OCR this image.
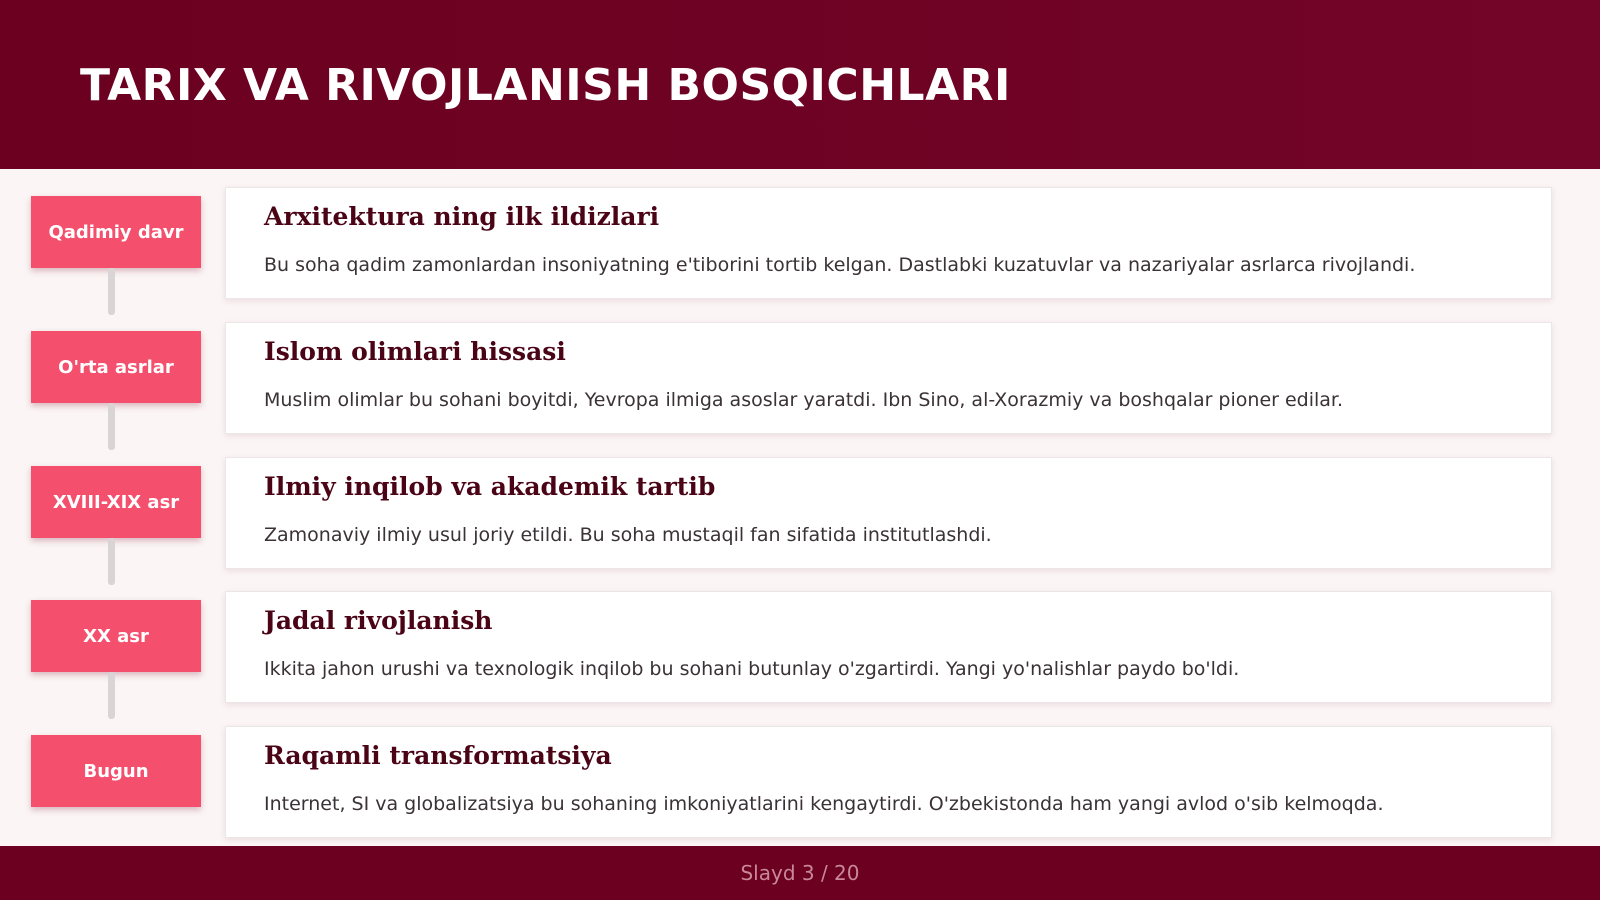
TARIX VA RIVOJLANISH BOSQICHLARI
Qadimiy davr
Arxitektura ning ilk ildizlari

Bu soha qadim zamonlardan insoniyatning e'tiborini tortib kelgan. Dastlabki kuzatuvlar va nazariyalar asrlarca rivojlandi.

O'rta asrlar
Islom olimlari hissasi

Muslim olimlar bu sohani boyitdi, Yevropa ilmiga asoslar yaratdi. Ibn Sino, al-Xorazmiy va boshqalar pioner edilar.

XVIII-XIX asr
Ilmiy inqilob va akademik tartib

Zamonaviy ilmiy usul joriy etildi. Bu soha mustaqil fan sifatida institutlashdi.

XX asr
Jadal rivojlanish

Ikkita jahon urushi va texnologik inqilob bu sohani butunlay o'zgartirdi. Yangi yo'nalishlar paydo bo'ldi.

Bugun
Raqamli transformatsiya

Internet, SI va globalizatsiya bu sohaning imkoniyatlarini kengaytirdi. O'zbekistonda ham yangi avlod o'sib kelmoqda.

Slayd 3 / 20
